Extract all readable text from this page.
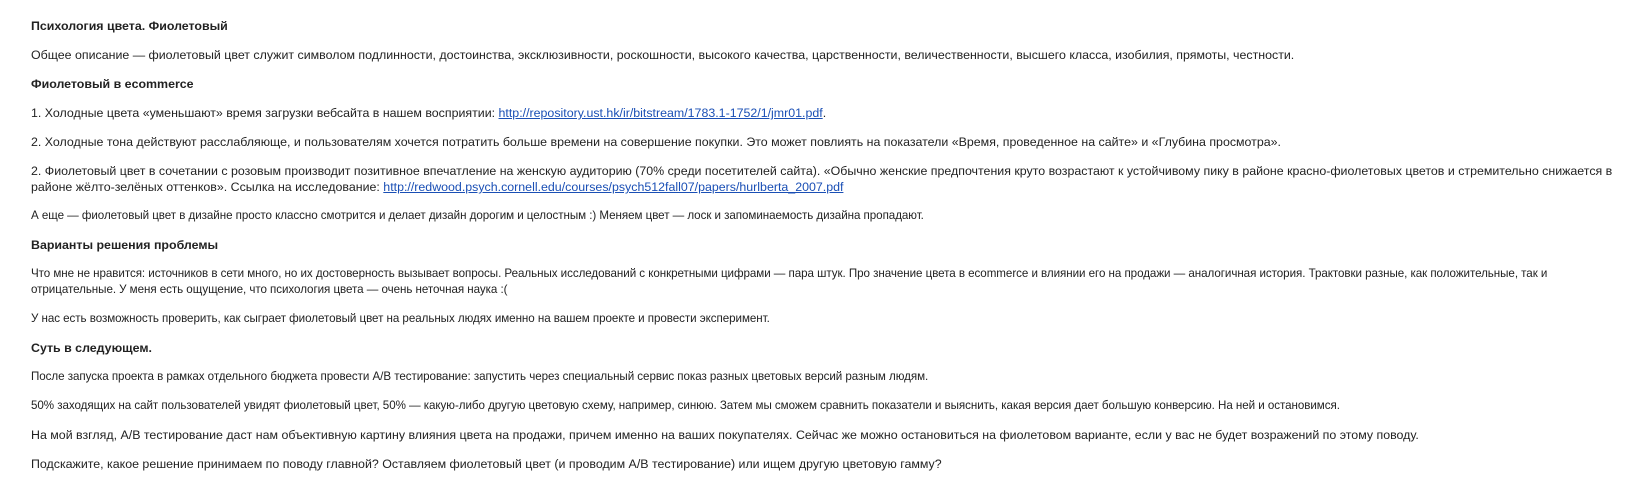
Психология цвета. Фиолетовый

Общее описание — фиолетовый цвет служит символом подлинности, достоинства, эксклюзивности, роскошности, высокого качества, царственности, величественности, высшего класса, изобилия, прямоты, честности.

Фиолетовый в ecommerce

1. Холодные цвета «уменьшают» время загрузки вебсайта в нашем восприятии: http://repository.ust.hk/ir/bitstream/1783.1-1752/1/jmr01.pdf.

2. Холодные тона действуют расслабляюще, и пользователям хочется потратить больше времени на совершение покупки. Это может повлиять на показатели «Время, проведенное на сайте» и «Глубина просмотра».

2. Фиолетовый цвет в сочетании с розовым производит позитивное впечатление на женскую аудиторию (70% среди посетителей сайта). «Обычно женские предпочтения круто возрастают к устойчивому пику в районе красно-фиолетовых цветов и стремительно снижается в районе жёлто-зелёных оттенков». Ссылка на исследование: http://redwood.psych.cornell.edu/courses/psych512fall07/papers/hurlberta_2007.pdf

А еще — фиолетовый цвет в дизайне просто классно смотрится и делает дизайн дорогим и целостным :) Меняем цвет — лоск и запоминаемость дизайна пропадают.

Варианты решения проблемы

Что мне не нравится: источников в сети много, но их достоверность вызывает вопросы. Реальных исследований с конкретными цифрами — пара штук. Про значение цвета в ecommerce и влиянии его на продажи — аналогичная история. Трактовки разные, как положительные, так и отрицательные. У меня есть ощущение, что психология цвета — очень неточная наука :(

У нас есть возможность проверить, как сыграет фиолетовый цвет на реальных людях именно на вашем проекте и провести эксперимент.

Суть в следующем.

После запуска проекта в рамках отдельного бюджета провести А/В тестирование: запустить через специальный сервис показ разных цветовых версий разным людям.

50% заходящих на сайт пользователей увидят фиолетовый цвет, 50% — какую-либо другую цветовую схему, например, синюю. Затем мы сможем сравнить показатели и выяснить, какая версия дает большую конверсию. На ней и остановимся.

На мой взгляд, А/В тестирование даст нам объективную картину влияния цвета на продажи, причем именно на ваших покупателях. Сейчас же можно остановиться на фиолетовом варианте, если у вас не будет возражений по этому поводу.

Подскажите, какое решение принимаем по поводу главной? Оставляем фиолетовый цвет (и проводим А/В тестирование) или ищем другую цветовую гамму?
